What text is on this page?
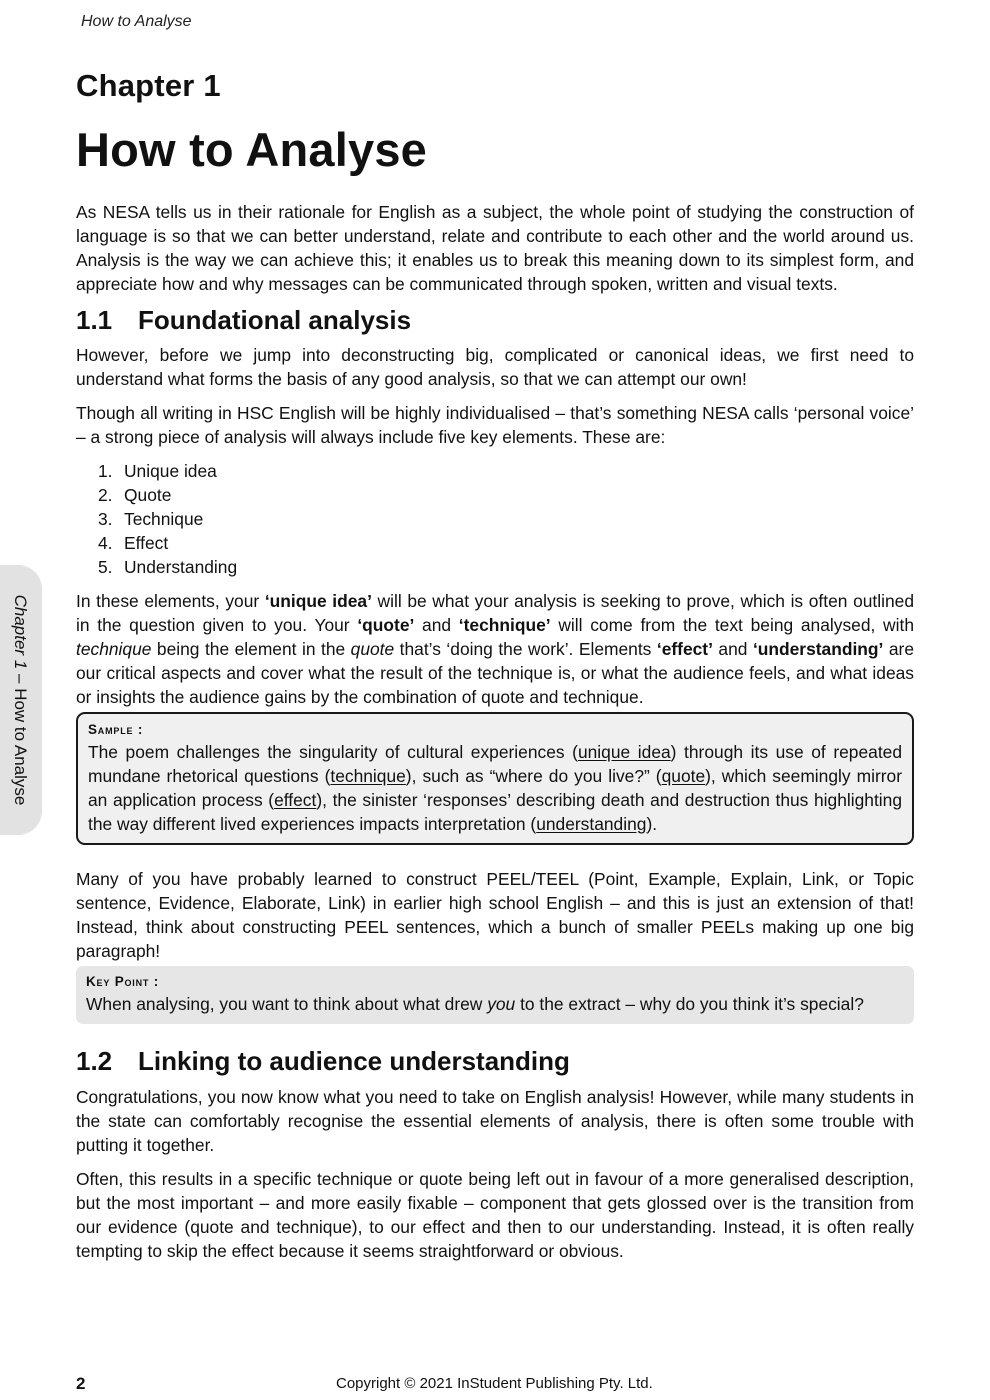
How to Analyse
Chapter 1 – How to Analyse
Chapter 1
How to Analyse

As NESA tells us in their rationale for English as a subject, the whole point of studying the construction of language is so that we can better understand, relate and contribute to each other and the world around us. Analysis is the way we can achieve this; it enables us to break this meaning down to its simplest form, and appreciate how and why messages can be communicated through spoken, written and visual texts.

1.1 Foundational analysis

However, before we jump into deconstructing big, complicated or canonical ideas, we first need to understand what forms the basis of any good analysis, so that we can attempt our own!

Though all writing in HSC English will be highly individualised – that’s something NESA calls ‘personal voice’ – a strong piece of analysis will always include five key elements. These are:

1. Unique idea
2. Quote
3. Technique
4. Effect
5. Understanding

In these elements, your ‘unique idea’ will be what your analysis is seeking to prove, which is often outlined in the question given to you. Your ‘quote’ and ‘technique’ will come from the text being analysed, with technique being the element in the quote that’s ‘doing the work’. Elements ‘effect’ and ‘understanding’ are our critical aspects and cover what the result of the technique is, or what the audience feels, and what ideas or insights the audience gains by the combination of quote and technique.

Sample :
The poem challenges the singularity of cultural experiences (unique idea) through its use of repeated mundane rhetorical questions (technique), such as “where do you live?” (quote), which seemingly mirror an application process (effect), the sinister ‘responses’ describing death and destruction thus highlighting the way different lived experiences impacts interpretation (understanding).

Many of you have probably learned to construct PEEL/TEEL (Point, Example, Explain, Link, or Topic sentence, Evidence, Elaborate, Link) in earlier high school English – and this is just an extension of that! Instead, think about constructing PEEL sentences, which a bunch of smaller PEELs making up one big paragraph!

Key Point :
When analysing, you want to think about what drew you to the extract – why do you think it’s special?
1.2 Linking to audience understanding

Congratulations, you now know what you need to take on English analysis! However, while many students in the state can comfortably recognise the essential elements of analysis, there is often some trouble with putting it together.

Often, this results in a specific technique or quote being left out in favour of a more generalised description, but the most important – and more easily fixable – component that gets glossed over is the transition from our evidence (quote and technique), to our effect and then to our understanding. Instead, it is often really tempting to skip the effect because it seems straightforward or obvious.

2	Copyright © 2021 InStudent Publishing Pty. Ltd.
